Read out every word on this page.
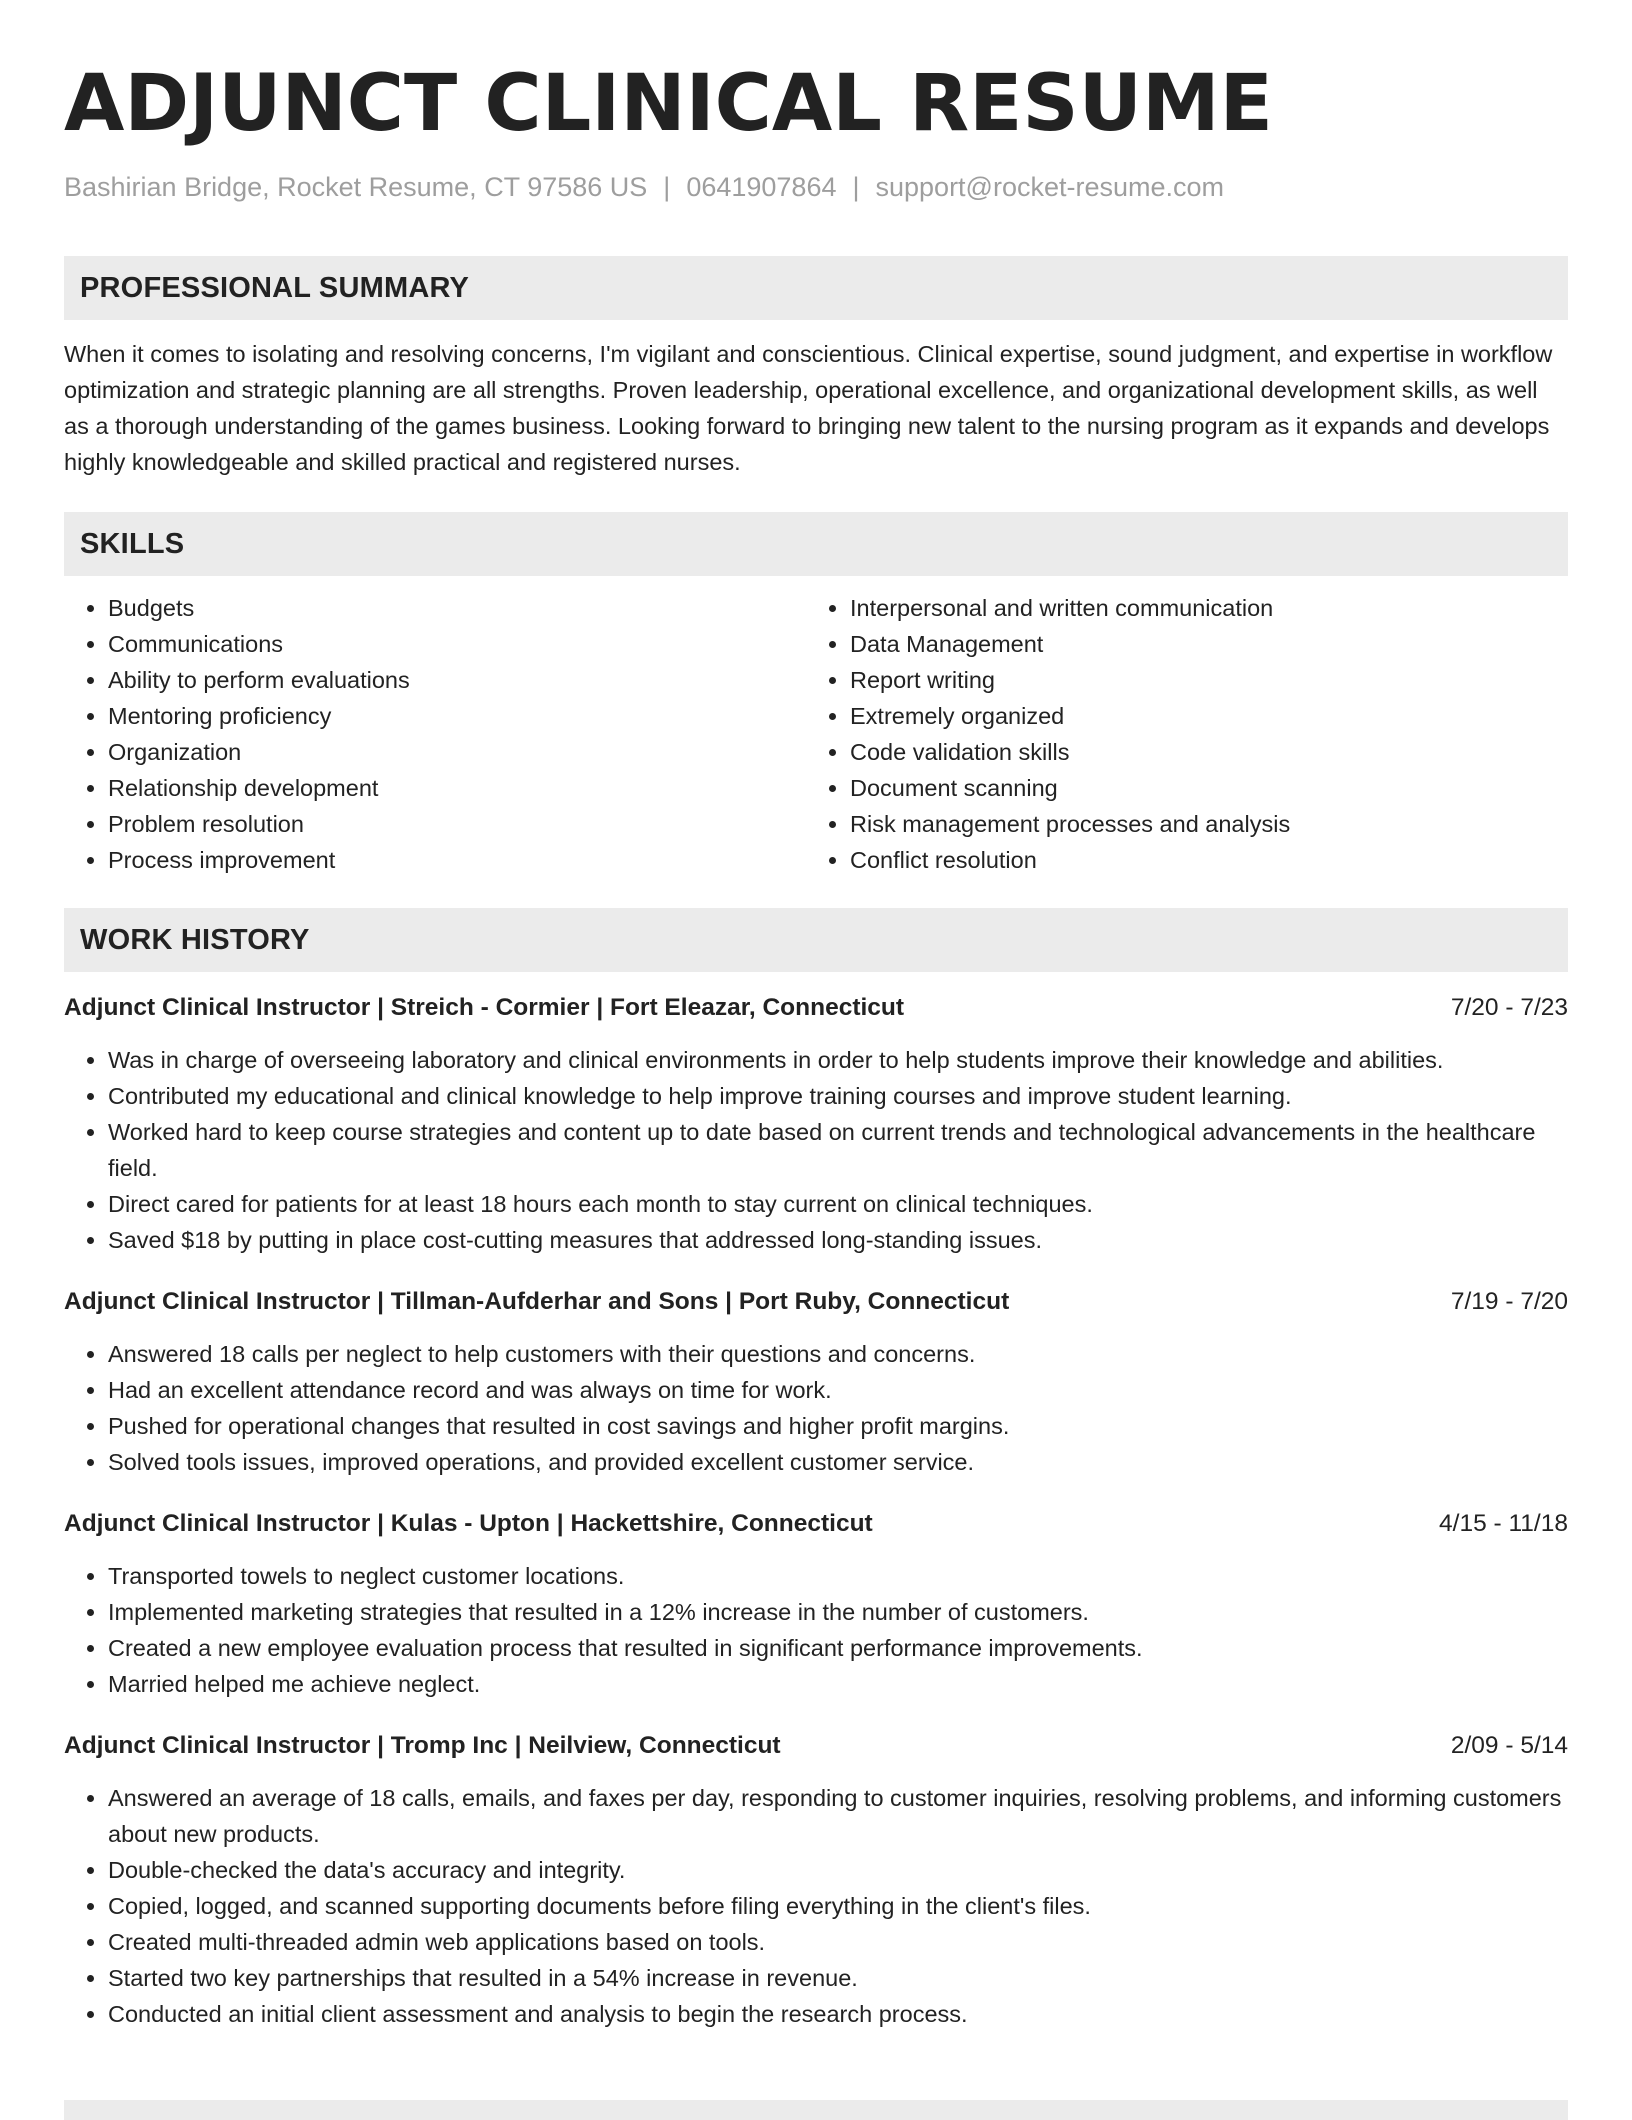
ADJUNCT CLINICAL RESUME
Bashirian Bridge, Rocket Resume, CT 97586 US | 0641907864 | support@rocket-resume.com
PROFESSIONAL SUMMARY

When it comes to isolating and resolving concerns, I'm vigilant and conscientious. Clinical expertise, sound judgment, and expertise in workflow optimization and strategic planning are all strengths. Proven leadership, operational excellence, and organizational development skills, as well as a thorough understanding of the games business. Looking forward to bringing new talent to the nursing program as it expands and develops highly knowledgeable and skilled practical and registered nurses.

SKILLS
• Budgets
• Communications
• Ability to perform evaluations
• Mentoring proficiency
• Organization
• Relationship development
• Problem resolution
• Process improvement
• Interpersonal and written communication
• Data Management
• Report writing
• Extremely organized
• Code validation skills
• Document scanning
• Risk management processes and analysis
• Conflict resolution
WORK HISTORY
Adjunct Clinical Instructor | Streich - Cormier | Fort Eleazar, Connecticut	7/20 - 7/23
• Was in charge of overseeing laboratory and clinical environments in order to help students improve their knowledge and abilities.
• Contributed my educational and clinical knowledge to help improve training courses and improve student learning.
• Worked hard to keep course strategies and content up to date based on current trends and technological advancements in the healthcare field.
• Direct cared for patients for at least 18 hours each month to stay current on clinical techniques.
• Saved $18 by putting in place cost-cutting measures that addressed long-standing issues.
Adjunct Clinical Instructor | Tillman-Aufderhar and Sons | Port Ruby, Connecticut	7/19 - 7/20
• Answered 18 calls per neglect to help customers with their questions and concerns.
• Had an excellent attendance record and was always on time for work.
• Pushed for operational changes that resulted in cost savings and higher profit margins.
• Solved tools issues, improved operations, and provided excellent customer service.
Adjunct Clinical Instructor | Kulas - Upton | Hackettshire, Connecticut	4/15 - 11/18
• Transported towels to neglect customer locations.
• Implemented marketing strategies that resulted in a 12% increase in the number of customers.
• Created a new employee evaluation process that resulted in significant performance improvements.
• Married helped me achieve neglect.
Adjunct Clinical Instructor | Tromp Inc | Neilview, Connecticut	2/09 - 5/14
• Answered an average of 18 calls, emails, and faxes per day, responding to customer inquiries, resolving problems, and informing customers about new products.
• Double-checked the data's accuracy and integrity.
• Copied, logged, and scanned supporting documents before filing everything in the client's files.
• Created multi-threaded admin web applications based on tools.
• Started two key partnerships that resulted in a 54% increase in revenue.
• Conducted an initial client assessment and analysis to begin the research process.
